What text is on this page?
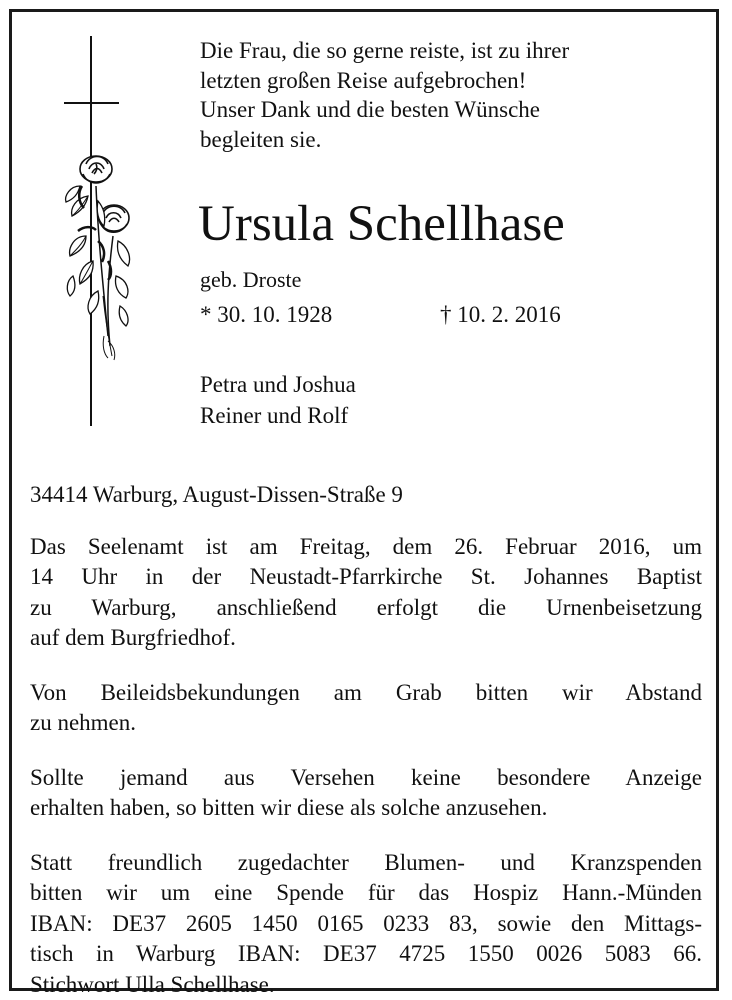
Die Frau, die so gerne reiste, ist zu ihrer
letzten großen Reise aufgebrochen!
Unser Dank und die besten Wünsche
begleiten sie.
Ursula Schellhase
geb. Droste
* 30. 10. 1928	† 10. 2. 2016
Petra und Joshua
Reiner und Rolf

34414 Warburg, August-Dissen-Straße 9

Das Seelenamt ist am Freitag, dem 26. Februar 2016, um
14 Uhr in der Neustadt-Pfarrkirche St. Johannes Baptist
zu Warburg, anschließend erfolgt die Urnenbeisetzung
auf dem Burgfriedhof.

Von Beileidsbekundungen am Grab bitten wir Abstand
zu nehmen.

Sollte jemand aus Versehen keine besondere Anzeige
erhalten haben, so bitten wir diese als solche anzusehen.

Statt freundlich zugedachter Blumen- und Kranzspenden
bitten wir um eine Spende für das Hospiz Hann.-Münden
IBAN: DE37 2605 1450 0165 0233 83, sowie den Mittags-
tisch in Warburg IBAN: DE37 4725 1550 0026 5083 66.
Stichwort Ulla Schellhase.
